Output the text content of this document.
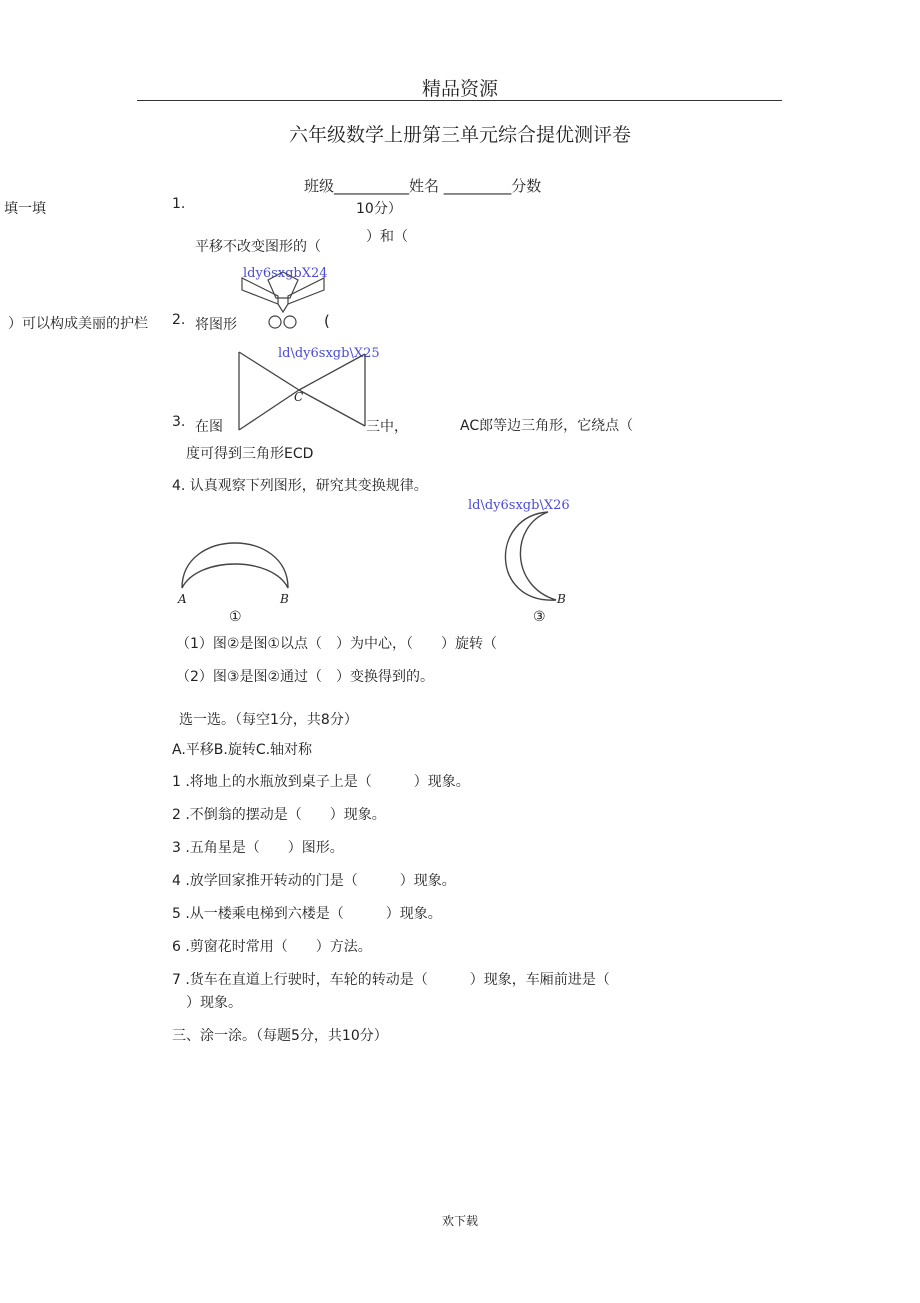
精品资源
六年级数学上册第三单元综合提优测评卷
班级__________姓名 _________分数
填一填	1.	10分）
平移不改变图形的（
）和（
ldy6sxgbX24
）可以构成美丽的护栏 2. 将图形	(
ld\dy6sxgb\X25
C
3. 在图	三中，	AC郎等边三角形，它绕点（
度可得到三角形ECD
4. 认真观察下列图形，研究其变换规律。
ld\dy6sxgb\X26
A	B
①
B
③
（1）图②是图①以点（　）为中心，（　　）旋转（
（2）图③是图②通过（　）变换得到的。
选一选。（每空1分，共8分）
A.平移B.旋转C.轴对称
1 .将地上的水瓶放到桌子上是（　　　）现象。
2 .不倒翁的摆动是（　　）现象。
3 .五角星是（　　）图形。
4 .放学回家推开转动的门是（　　　）现象。
5 .从一楼乘电梯到六楼是（　　　）现象。
6 .剪窗花时常用（　　）方法。
7 .货车在直道上行驶时，车轮的转动是（　　　）现象，车厢前进是（
）现象。
三、涂一涂。（每题5分，共10分）
欢下载
